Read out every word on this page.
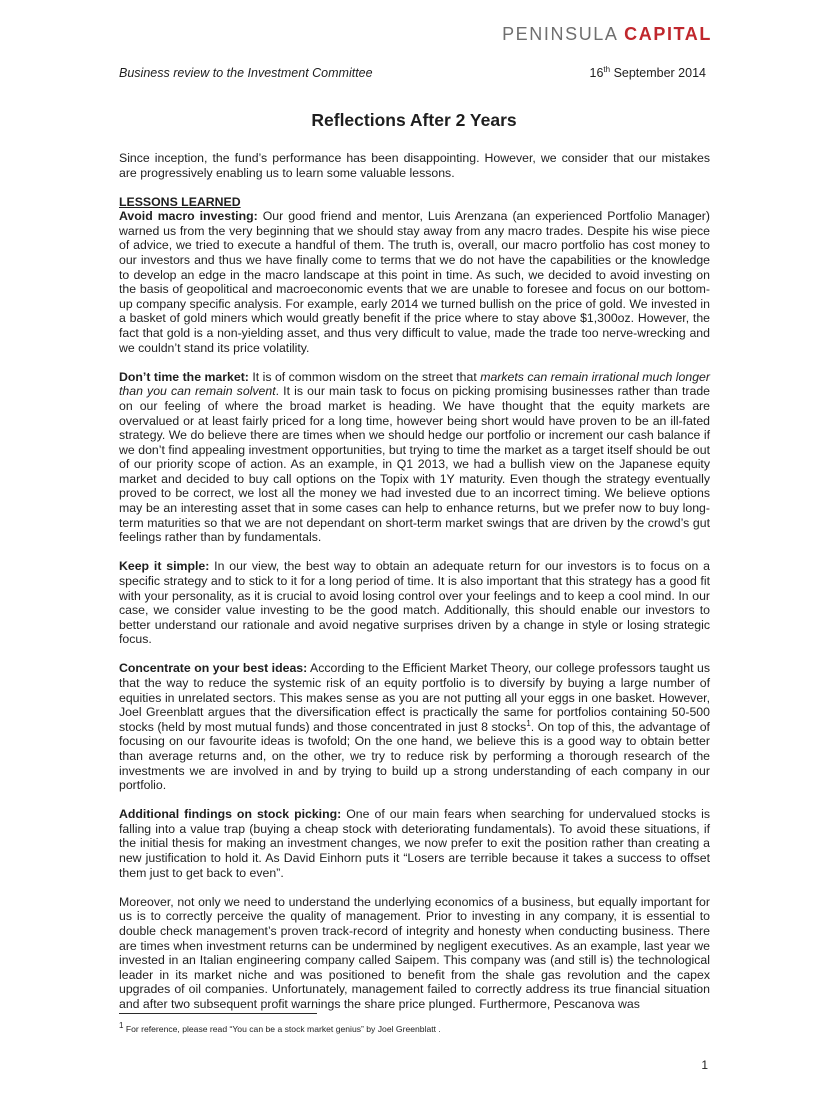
PENINSULA CAPITAL
Business review to the Investment Committee	16th September 2014
Reflections After 2 Years

Since inception, the fund’s performance has been disappointing. However, we consider that our mistakes are progressively enabling us to learn some valuable lessons.

LESSONS LEARNED

Avoid macro investing: Our good friend and mentor, Luis Arenzana (an experienced Portfolio Manager) warned us from the very beginning that we should stay away from any macro trades. Despite his wise piece of advice, we tried to execute a handful of them. The truth is, overall, our macro portfolio has cost money to our investors and thus we have finally come to terms that we do not have the capabilities or the knowledge to develop an edge in the macro landscape at this point in time. As such, we decided to avoid investing on the basis of geopolitical and macroeconomic events that we are unable to foresee and focus on our bottom-up company specific analysis. For example, early 2014 we turned bullish on the price of gold. We invested in a basket of gold miners which would greatly benefit if the price where to stay above $1,300oz. However, the fact that gold is a non-yielding asset, and thus very difficult to value, made the trade too nerve-wrecking and we couldn’t stand its price volatility.

Don’t time the market: It is of common wisdom on the street that markets can remain irrational much longer than you can remain solvent. It is our main task to focus on picking promising businesses rather than trade on our feeling of where the broad market is heading. We have thought that the equity markets are overvalued or at least fairly priced for a long time, however being short would have proven to be an ill-fated strategy. We do believe there are times when we should hedge our portfolio or increment our cash balance if we don’t find appealing investment opportunities, but trying to time the market as a target itself should be out of our priority scope of action. As an example, in Q1 2013, we had a bullish view on the Japanese equity market and decided to buy call options on the Topix with 1Y maturity. Even though the strategy eventually proved to be correct, we lost all the money we had invested due to an incorrect timing. We believe options may be an interesting asset that in some cases can help to enhance returns, but we prefer now to buy long-term maturities so that we are not dependant on short-term market swings that are driven by the crowd’s gut feelings rather than by fundamentals.

Keep it simple: In our view, the best way to obtain an adequate return for our investors is to focus on a specific strategy and to stick to it for a long period of time. It is also important that this strategy has a good fit with your personality, as it is crucial to avoid losing control over your feelings and to keep a cool mind. In our case, we consider value investing to be the good match. Additionally, this should enable our investors to better understand our rationale and avoid negative surprises driven by a change in style or losing strategic focus.

Concentrate on your best ideas: According to the Efficient Market Theory, our college professors taught us that the way to reduce the systemic risk of an equity portfolio is to diversify by buying a large number of equities in unrelated sectors. This makes sense as you are not putting all your eggs in one basket. However, Joel Greenblatt argues that the diversification effect is practically the same for portfolios containing 50-500 stocks (held by most mutual funds) and those concentrated in just 8 stocks$^1$. On top of this, the advantage of focusing on our favourite ideas is twofold; On the one hand, we believe this is a good way to obtain better than average returns and, on the other, we try to reduce risk by performing a thorough research of the investments we are involved in and by trying to build up a strong understanding of each company in our portfolio.

Additional findings on stock picking: One of our main fears when searching for undervalued stocks is falling into a value trap (buying a cheap stock with deteriorating fundamentals). To avoid these situations, if the initial thesis for making an investment changes, we now prefer to exit the position rather than creating a new justification to hold it. As David Einhorn puts it “Losers are terrible because it takes a success to offset them just to get back to even”.

Moreover, not only we need to understand the underlying economics of a business, but equally important for us is to correctly perceive the quality of management. Prior to investing in any company, it is essential to double check management’s proven track-record of integrity and honesty when conducting business. There are times when investment returns can be undermined by negligent executives. As an example, last year we invested in an Italian engineering company called Saipem. This company was (and still is) the technological leader in its market niche and was positioned to benefit from the shale gas revolution and the capex upgrades of oil companies. Unfortunately, management failed to correctly address its true financial situation and after two subsequent profit warnings the share price plunged. Furthermore, Pescanova was

$^1$ For reference, please read “You can be a stock market genius” by Joel Greenblatt .
1
